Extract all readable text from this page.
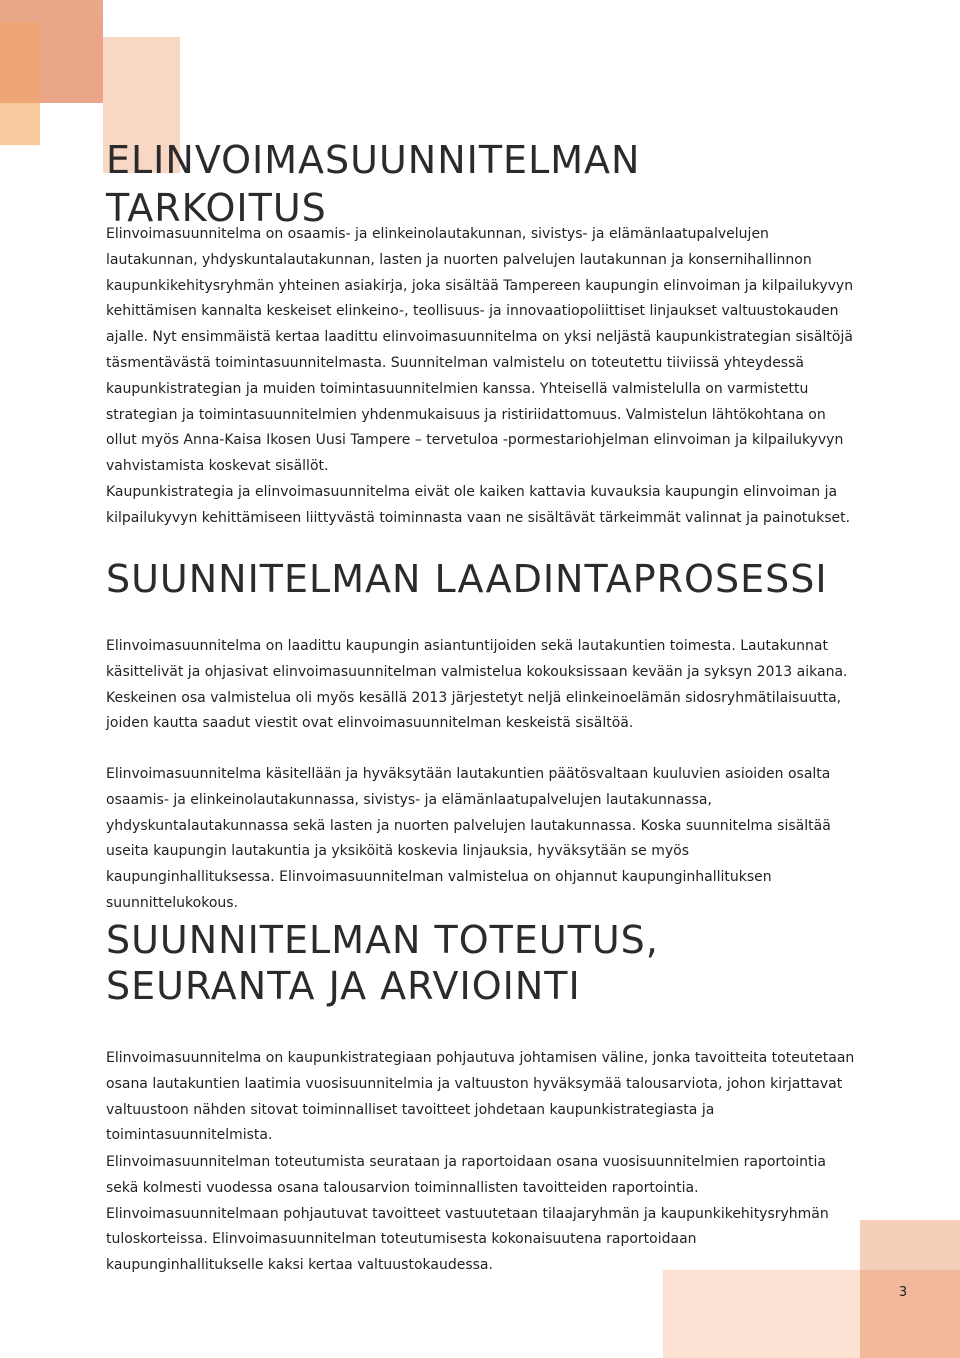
ELINVOIMASUUNNITELMAN TARKOITUS

Elinvoimasuunnitelma on osaamis- ja elinkeinolautakunnan, sivistys- ja elämänlaatupalvelujen lautakunnan, yhdyskuntalautakunnan, lasten ja nuorten palvelujen lautakunnan ja konsernihallinnon kaupunkikehitysryhmän yhteinen asiakirja, joka sisältää Tampereen kaupungin elinvoiman ja kilpailukyvyn kehittämisen kannalta keskeiset elinkeino-, teollisuus- ja innovaatiopoliittiset linjaukset valtuustokauden ajalle. Nyt ensimmäistä kertaa laadittu elinvoimasuunnitelma on yksi neljästä kaupunkistrategian sisältöjä täsmentävästä toimintasuunnitelmasta. Suunnitelman valmistelu on toteutettu tiiviissä yhteydessä kaupunkistrategian ja muiden toimintasuunnitelmien kanssa. Yhteisellä valmistelulla on varmistettu strategian ja toimintasuunnitelmien yhdenmukaisuus ja ristiriidattomuus. Valmistelun lähtökohtana on ollut myös Anna-Kaisa Ikosen Uusi Tampere – tervetuloa -pormestariohjelman elinvoiman ja kilpailukyvyn vahvistamista koskevat sisällöt.

Kaupunkistrategia ja elinvoimasuunnitelma eivät ole kaiken kattavia kuvauksia kaupungin elinvoiman ja kilpailukyvyn kehittämiseen liittyvästä toiminnasta vaan ne sisältävät tärkeimmät valinnat ja painotukset.

SUUNNITELMAN LAADINTAPROSESSI

Elinvoimasuunnitelma on laadittu kaupungin asiantuntijoiden sekä lautakuntien toimesta. Lautakunnat käsittelivät ja ohjasivat elinvoimasuunnitelman valmistelua kokouksissaan kevään ja syksyn 2013 aikana. Keskeinen osa valmistelua oli myös kesällä 2013 järjestetyt neljä elinkeinoelämän sidosryhmätilaisuutta, joiden kautta saadut viestit ovat elinvoimasuunnitelman keskeistä sisältöä.

Elinvoimasuunnitelma käsitellään ja hyväksytään lautakuntien päätösvaltaan kuuluvien asioiden osalta osaamis- ja elinkeinolautakunnassa, sivistys- ja elämänlaatupalvelujen lautakunnassa, yhdyskuntalautakunnassa sekä lasten ja nuorten palvelujen lautakunnassa. Koska suunnitelma sisältää useita kaupungin lautakuntia ja yksiköitä koskevia linjauksia, hyväksytään se myös kaupunginhallituksessa. Elinvoimasuunnitelman valmistelua on ohjannut kaupunginhallituksen suunnittelukokous.

SUUNNITELMAN TOTEUTUS, SEURANTA JA ARVIOINTI

Elinvoimasuunnitelma on kaupunkistrategiaan pohjautuva johtamisen väline, jonka tavoitteita toteutetaan osana lautakuntien laatimia vuosisuunnitelmia ja valtuuston hyväksymää talousarviota, johon kirjattavat valtuustoon nähden sitovat toiminnalliset tavoitteet johdetaan kaupunkistrategiasta ja toimintasuunnitelmista.

Elinvoimasuunnitelman toteutumista seurataan ja raportoidaan osana vuosisuunnitelmien raportointia sekä kolmesti vuodessa osana talousarvion toiminnallisten tavoitteiden raportointia. Elinvoimasuunnitelmaan pohjautuvat tavoitteet vastuutetaan tilaajaryhmän ja kaupunkikehitysryhmän tuloskorteissa. Elinvoimasuunnitelman toteutumisesta kokonaisuutena raportoidaan kaupunginhallitukselle kaksi kertaa valtuustokaudessa.

3
